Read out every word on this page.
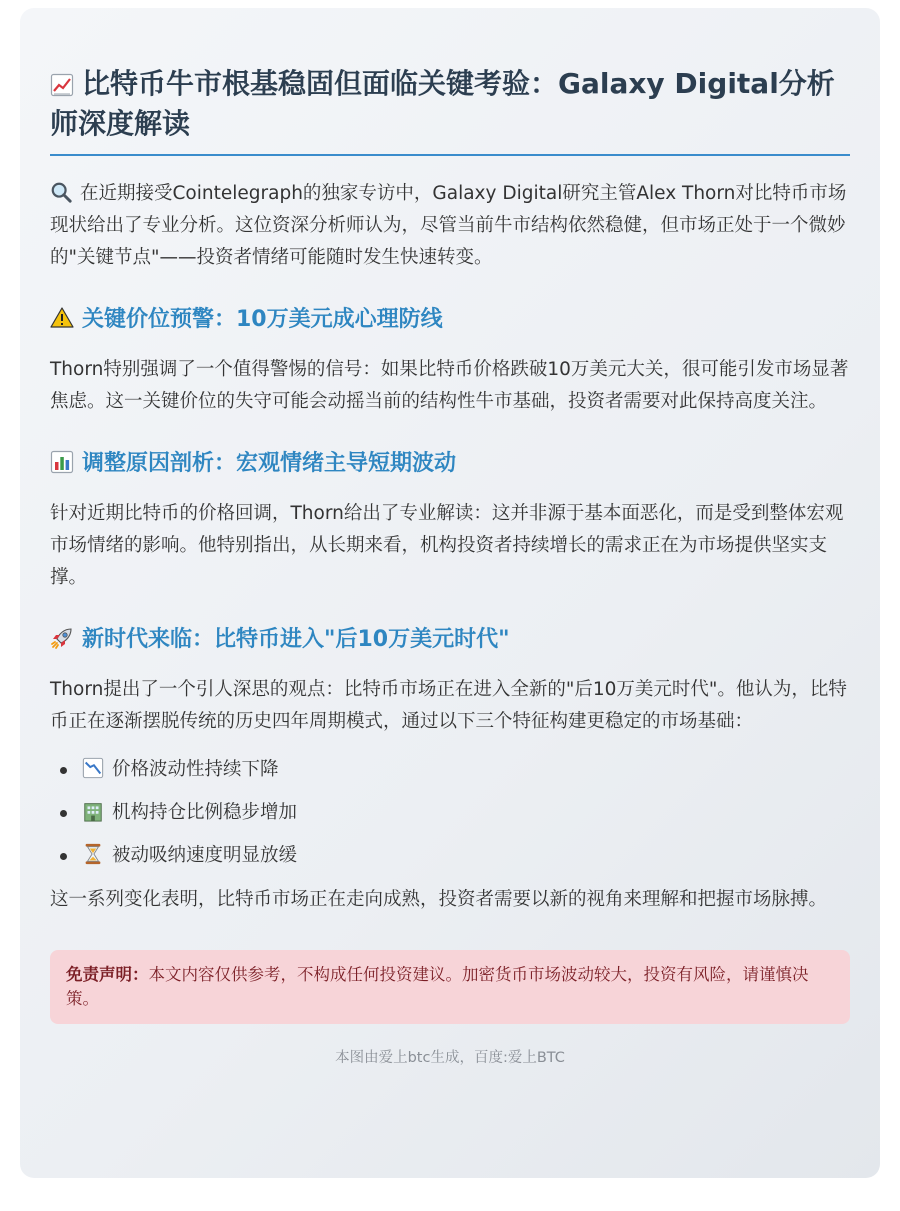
比特币牛市根基稳固但面临关键考验：Galaxy Digital分析师深度解读

在近期接受Cointelegraph的独家专访中，Galaxy Digital研究主管Alex Thorn对比特币市场现状给出了专业分析。这位资深分析师认为，尽管当前牛市结构依然稳健，但市场正处于一个微妙的"关键节点"——投资者情绪可能随时发生快速转变。

关键价位预警：10万美元成心理防线

Thorn特别强调了一个值得警惕的信号：如果比特币价格跌破10万美元大关，很可能引发市场显著焦虑。这一关键价位的失守可能会动摇当前的结构性牛市基础，投资者需要对此保持高度关注。

调整原因剖析：宏观情绪主导短期波动

针对近期比特币的价格回调，Thorn给出了专业解读：这并非源于基本面恶化，而是受到整体宏观市场情绪的影响。他特别指出，从长期来看，机构投资者持续增长的需求正在为市场提供坚实支撑。

新时代来临：比特币进入"后10万美元时代"

Thorn提出了一个引人深思的观点：比特币市场正在进入全新的"后10万美元时代"。他认为，比特币正在逐渐摆脱传统的历史四年周期模式，通过以下三个特征构建更稳定的市场基础：

价格波动性持续下降
机构持仓比例稳步增加
被动吸纳速度明显放缓

这一系列变化表明，比特币市场正在走向成熟，投资者需要以新的视角来理解和把握市场脉搏。

免责声明：本文内容仅供参考，不构成任何投资建议。加密货币市场波动较大，投资有风险，请谨慎决策。
本图由爱上btc生成，百度:爱上BTC
